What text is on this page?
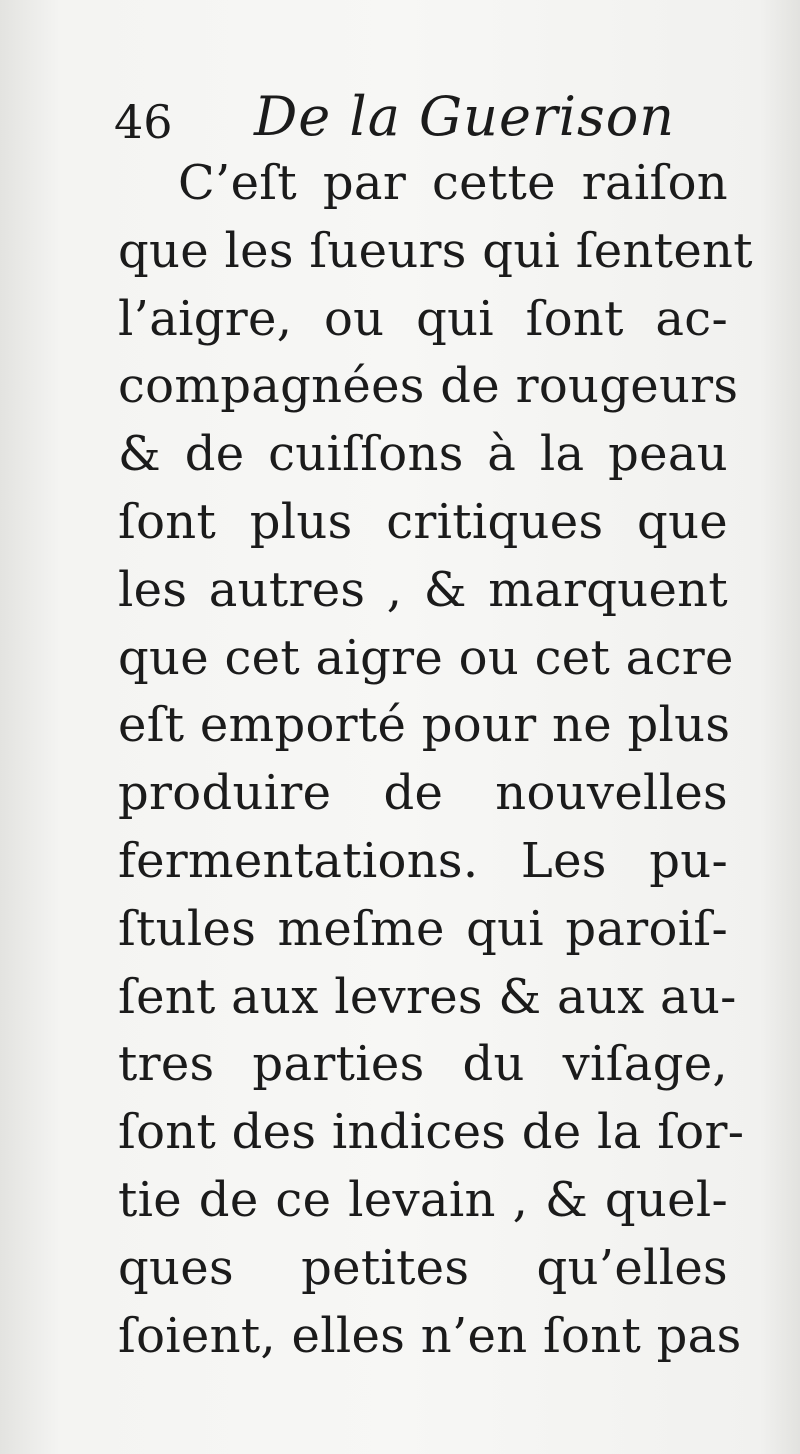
46 De la Guerison
C’eſt par cette raiſon
que les ſueurs qui ſentent
l’aigre, ou qui ſont ac-
compagnées de rougeurs
& de cuiſſons à la peau
ſont plus critiques que
les autres , & marquent
que cet aigre ou cet acre
eſt emporté pour ne plus
produire de nouvelles
fermentations. Les pu-
ſtules meſme qui paroiſ-
ſent aux levres & aux au-
tres parties du viſage,
ſont des indices de la ſor-
tie de ce levain , & quel-
ques petites qu’elles
ſoient, elles n’en ſont pas
